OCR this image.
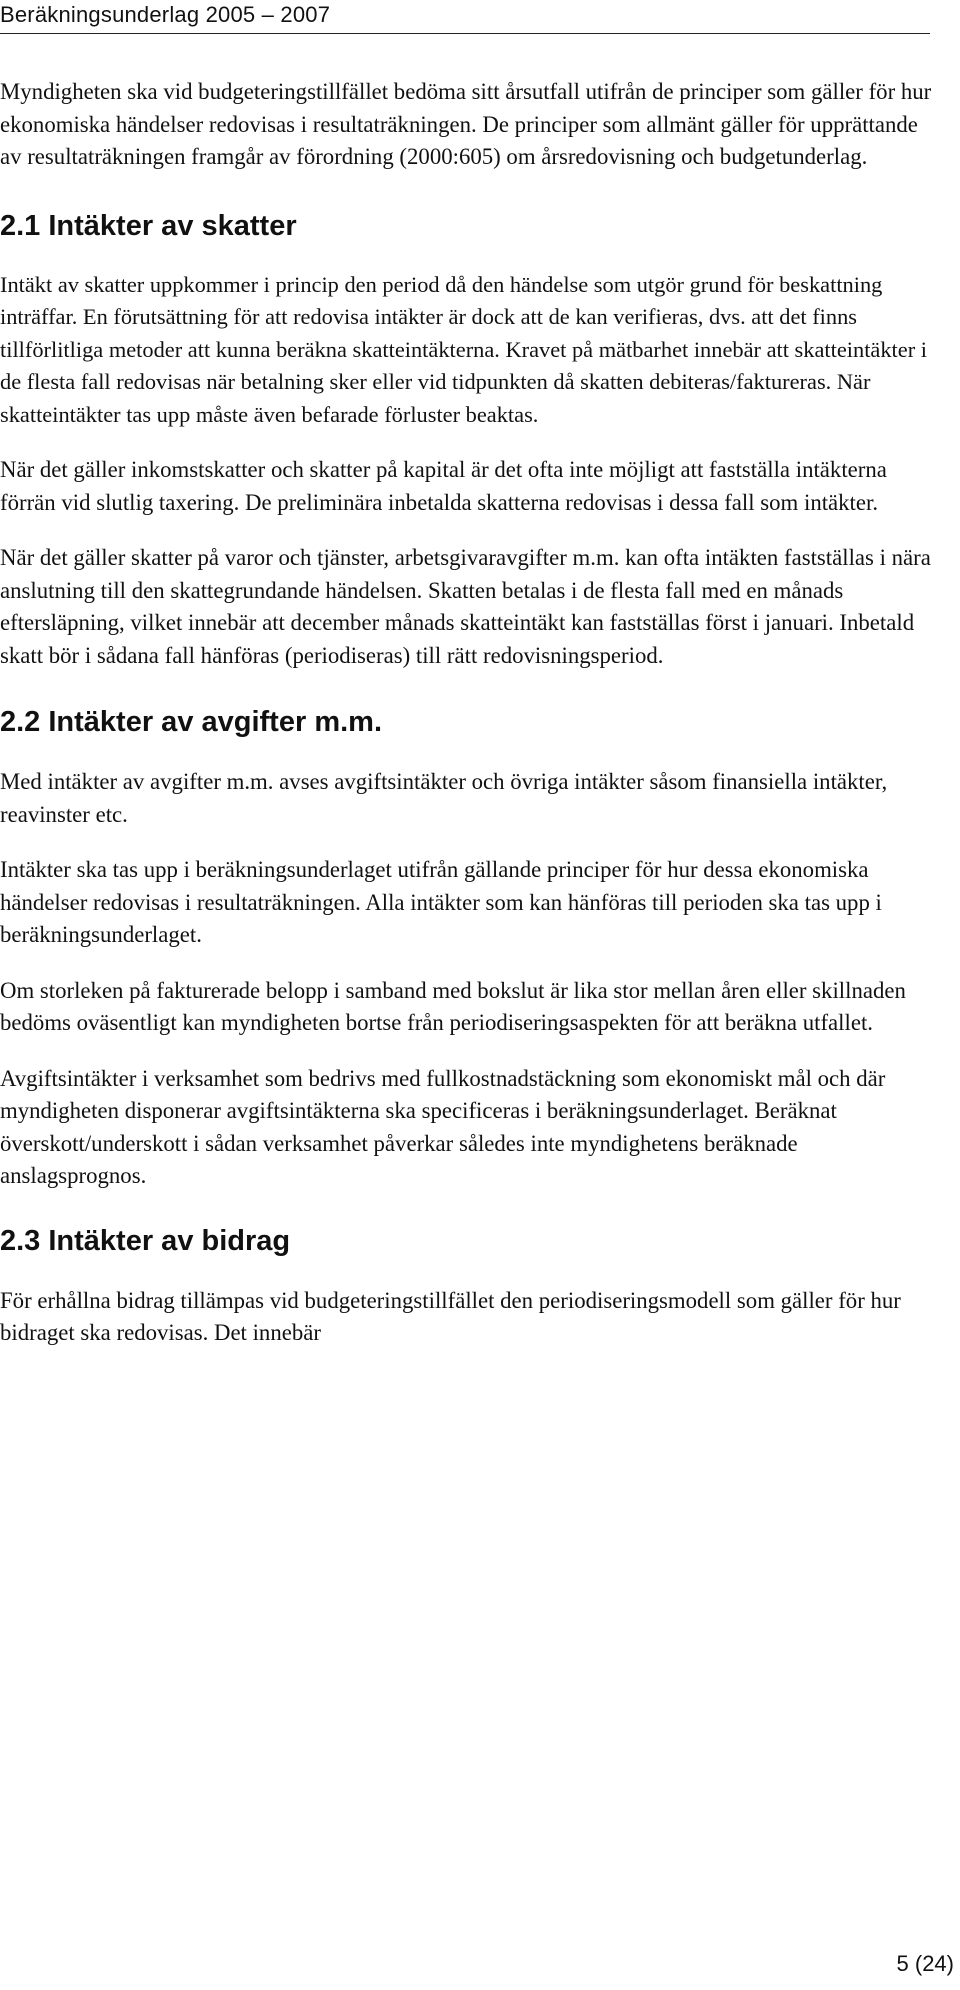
Beräkningsunderlag 2005 – 2007

Myndigheten ska vid budgeteringstillfället bedöma sitt årsutfall utifrån de principer som gäller för hur ekonomiska händelser redovisas i resultaträkningen. De principer som allmänt gäller för upprättande av resultaträkningen framgår av förordning (2000:605) om årsredovisning och budgetunderlag.

2.1 Intäkter av skatter

Intäkt av skatter uppkommer i princip den period då den händelse som utgör grund för beskattning inträffar. En förutsättning för att redovisa intäkter är dock att de kan verifieras, dvs. att det finns tillförlitliga metoder att kunna beräkna skatteintäkterna. Kravet på mätbarhet innebär att skatteintäkter i de flesta fall redovisas när betalning sker eller vid tidpunkten då skatten debiteras/faktureras. När skatteintäkter tas upp måste även befarade förluster beaktas.

När det gäller inkomstskatter och skatter på kapital är det ofta inte möjligt att fastställa intäkterna förrän vid slutlig taxering. De preliminära inbetalda skatterna redovisas i dessa fall som intäkter.

När det gäller skatter på varor och tjänster, arbetsgivaravgifter m.m. kan ofta intäkten fastställas i nära anslutning till den skattegrundande händelsen. Skatten betalas i de flesta fall med en månads eftersläpning, vilket innebär att december månads skatteintäkt kan fastställas först i januari. Inbetald skatt bör i sådana fall hänföras (periodiseras) till rätt redovisningsperiod.

2.2 Intäkter av avgifter m.m.

Med intäkter av avgifter m.m. avses avgiftsintäkter och övriga intäkter såsom finansiella intäkter, reavinster etc.

Intäkter ska tas upp i beräkningsunderlaget utifrån gällande principer för hur dessa ekonomiska händelser redovisas i resultaträkningen. Alla intäkter som kan hänföras till perioden ska tas upp i beräkningsunderlaget.

Om storleken på fakturerade belopp i samband med bokslut är lika stor mellan åren eller skillnaden bedöms oväsentligt kan myndigheten bortse från periodiseringsaspekten för att beräkna utfallet.

Avgiftsintäkter i verksamhet som bedrivs med fullkostnadstäckning som ekonomiskt mål och där myndigheten disponerar avgiftsintäkterna ska specificeras i beräkningsunderlaget. Beräknat överskott/underskott i sådan verksamhet påverkar således inte myndighetens beräknade anslagsprognos.

2.3 Intäkter av bidrag

För erhållna bidrag tillämpas vid budgeteringstillfället den periodiseringsmodell som gäller för hur bidraget ska redovisas. Det innebär

5 (24)
